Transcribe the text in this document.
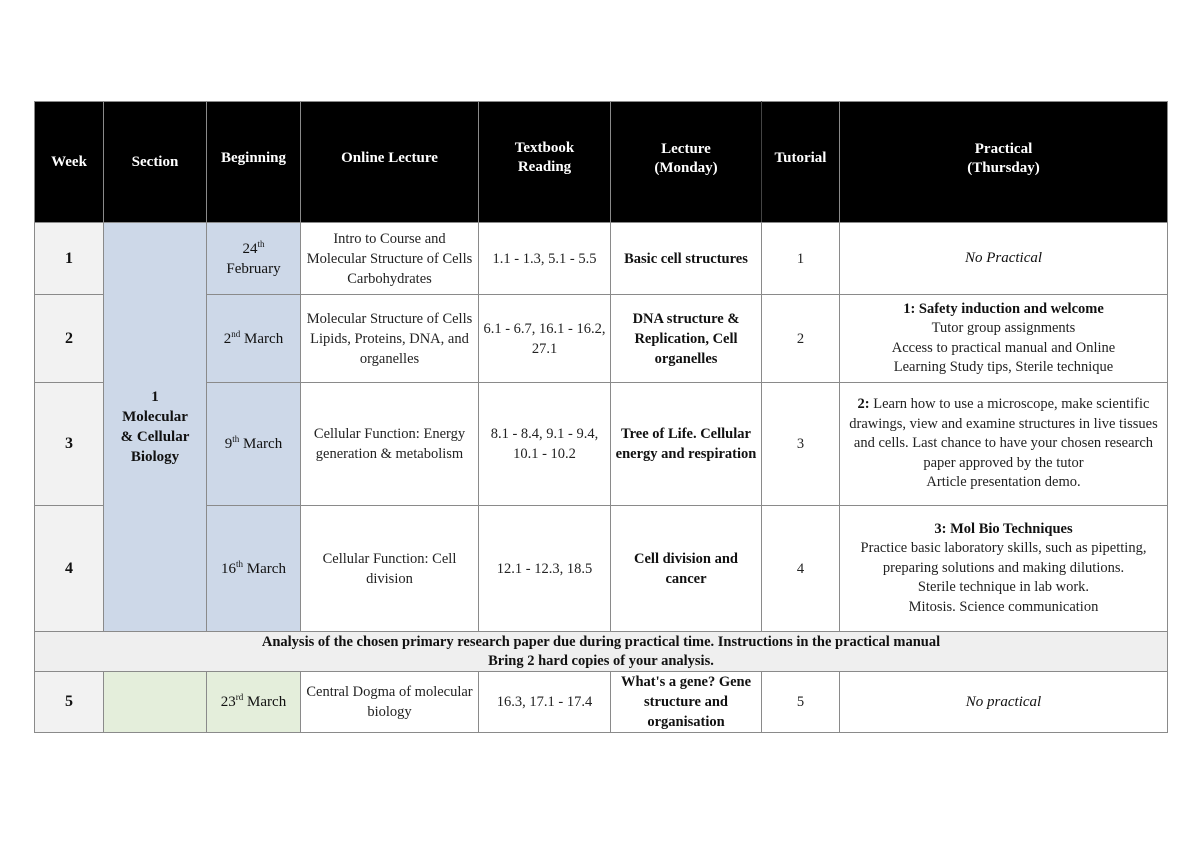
Week	Section	Beginning	Online Lecture	Textbook
Reading	Lecture
(Monday)	Tutorial	Practical
(Thursday)

1	1
Molecular
& Cellular
Biology	24th
February	Intro to Course and Molecular Structure of Cells Carbohydrates	1.1 - 1.3, 5.1 - 5.5	Basic cell structures	1	No Practical
2		2nd March	Molecular Structure of Cells Lipids, Proteins, DNA, and organelles	6.1 - 6.7, 16.1 - 16.2, 27.1	DNA structure & Replication, Cell organelles	2	1: Safety induction and welcome
Tutor group assignments
Access to practical manual and Online
Learning Study tips, Sterile technique

3		9th March	Cellular Function: Energy generation & metabolism	8.1 - 8.4, 9.1 - 9.4, 10.1 - 10.2	Tree of Life. Cellular energy and respiration	3	2: Learn how to use a microscope, make scientific drawings, view and examine structures in live tissues and cells. Last chance to have your chosen research paper approved by the tutor
Article presentation demo.

4		16th March	Cellular Function: Cell division	12.1 - 12.3, 18.5	Cell division and cancer	4	3: Mol Bio Techniques
Practice basic laboratory skills, such as pipetting, preparing solutions and making dilutions.
Sterile technique in lab work.
Mitosis. Science communication

Analysis of the chosen primary research paper due during practical time. Instructions in the practical manual
Bring 2 hard copies of your analysis.							

5		23rd March	Central Dogma of molecular biology	16.3, 17.1 - 17.4	What's a gene? Gene structure and organisation	5	No practical
